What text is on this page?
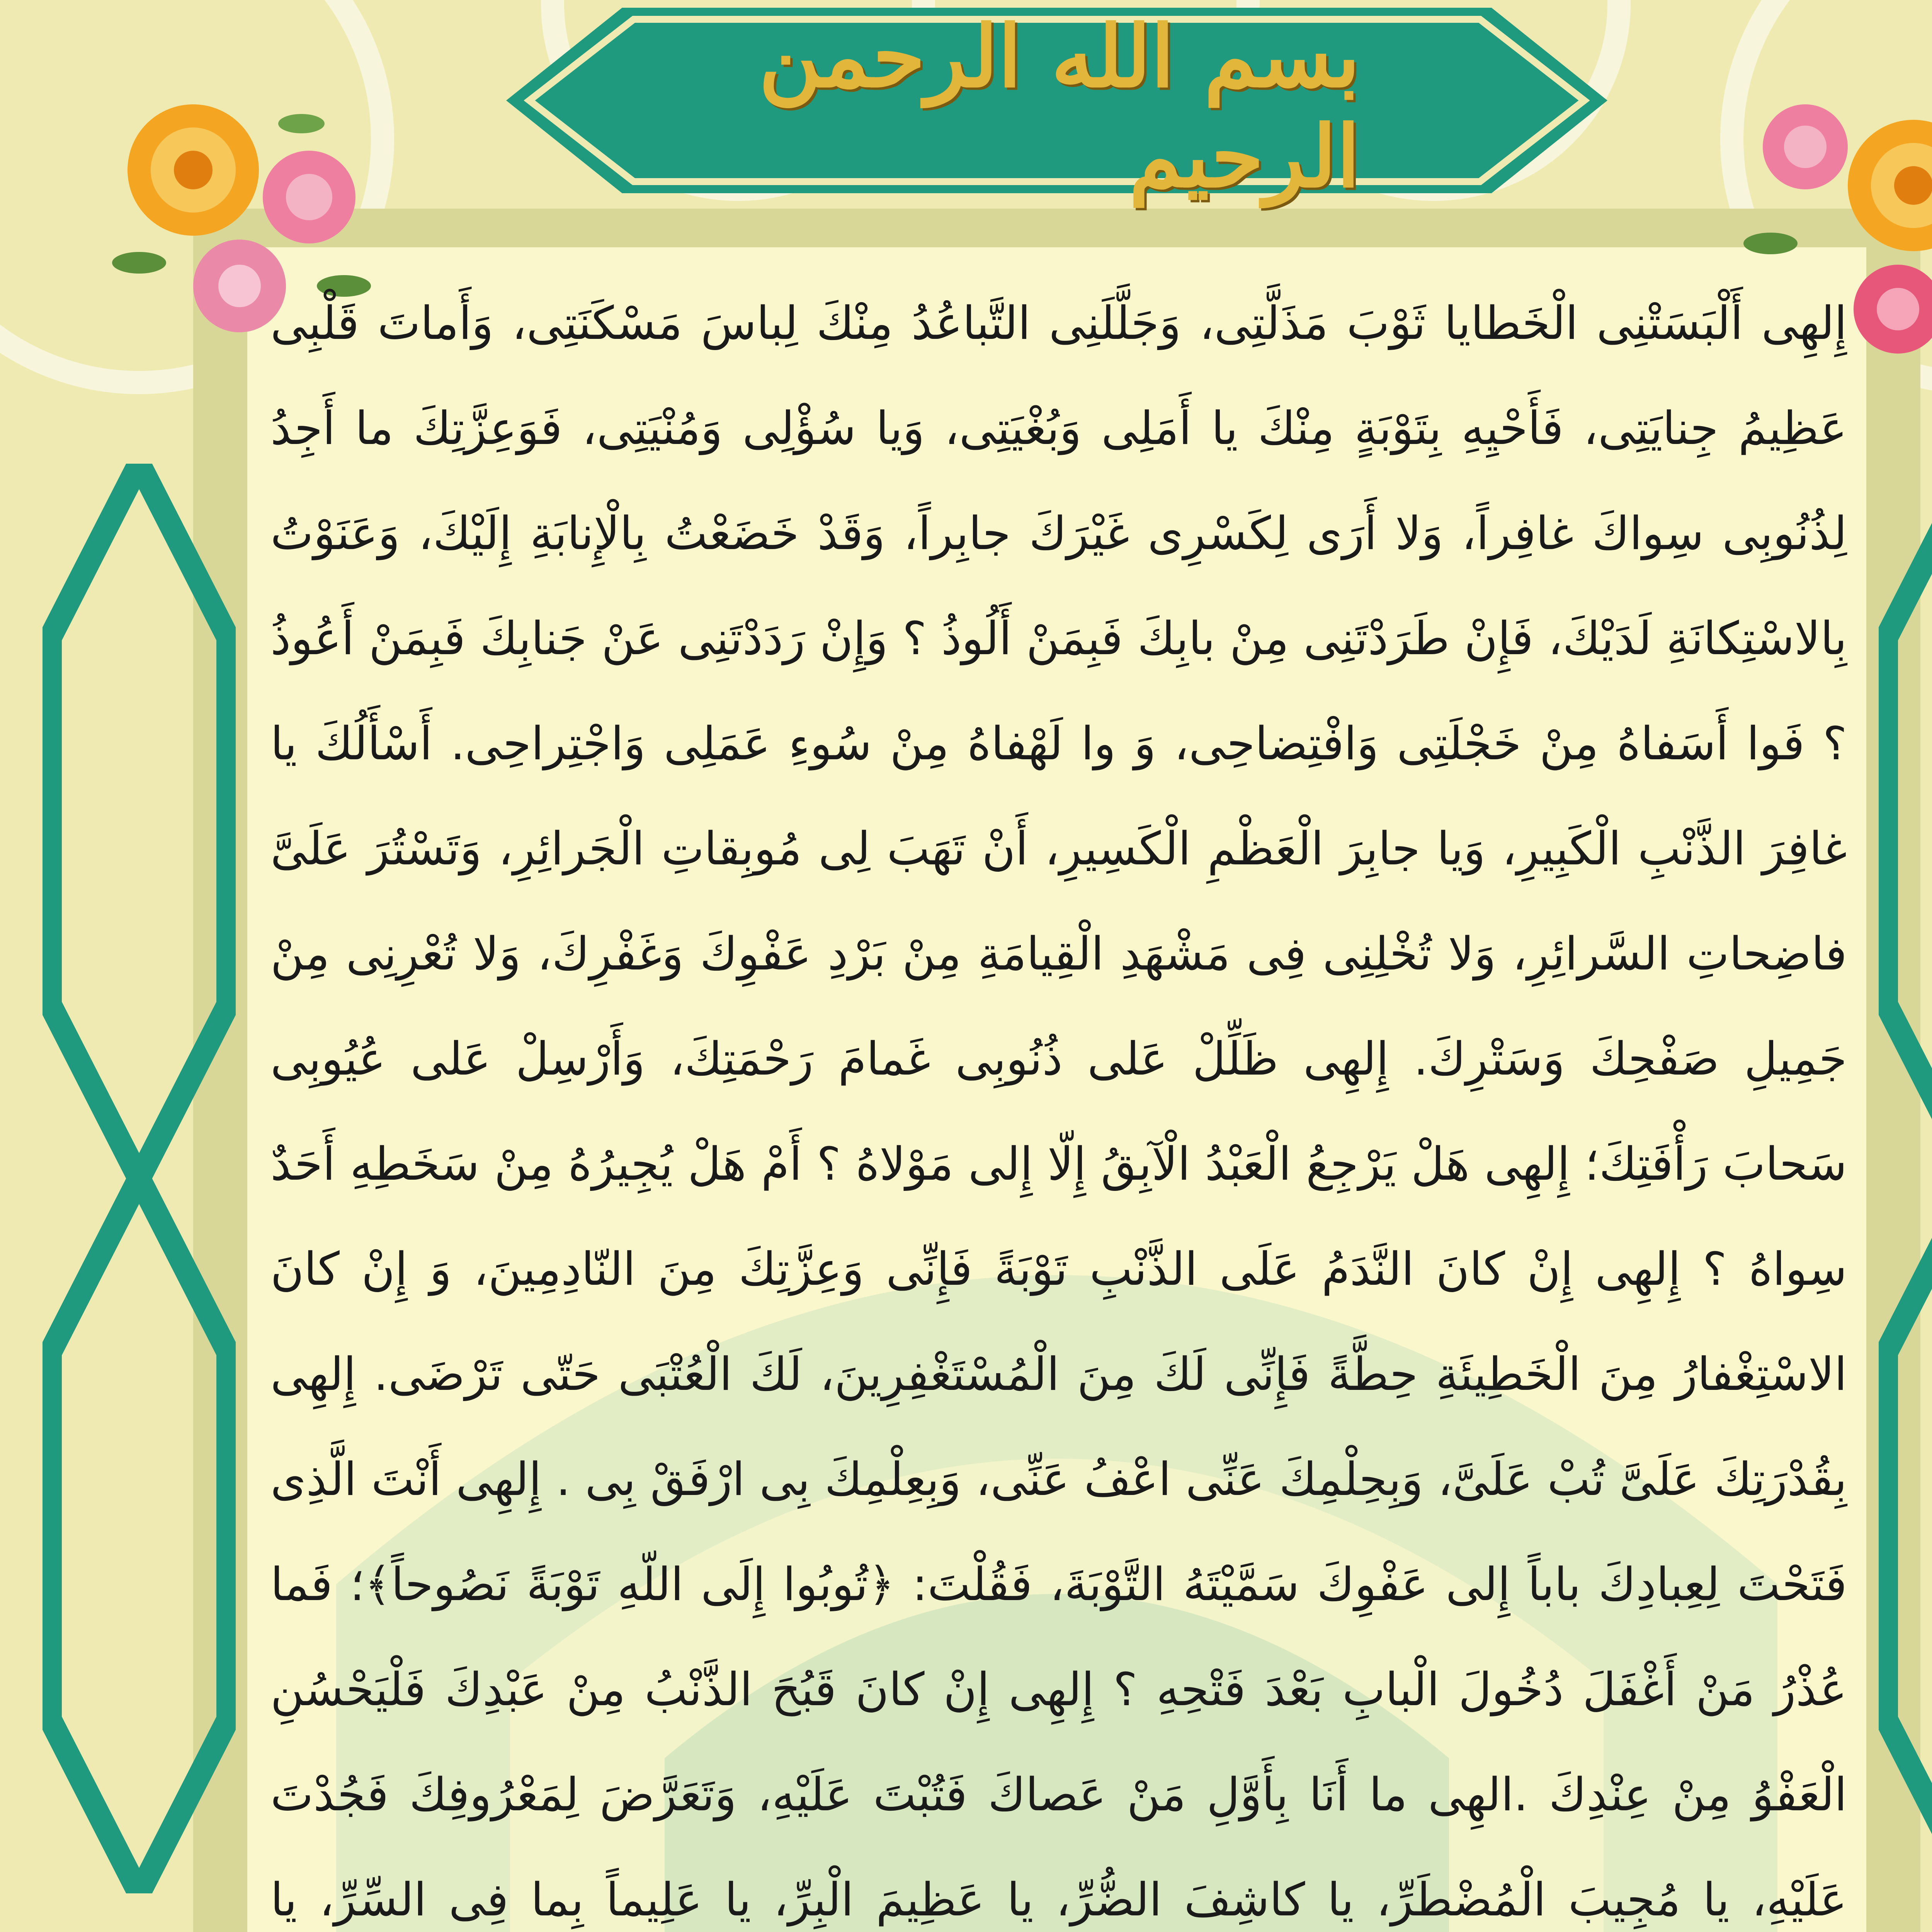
بسم الله الرحمن الرحیم
إِلهِی أَلْبَسَتْنِی الْخَطایا ثَوْبَ مَذَلَّتِی، وَجَلَّلَنِی التَّباعُدُ مِنْكَ لِباسَ مَسْكَنَتِی، وَأَماتَ قَلْبِی عَظِیمُ جِنایَتِی، فَأَحْیِهِ بِتَوْبَةٍ مِنْكَ یا أَمَلِی وَبُغْیَتِی، وَیا سُؤْلِی وَمُنْیَتِی، فَوَعِزَّتِكَ ما أَجِدُ لِذُنُوبِی سِواكَ غافِراً، وَلا أَرَى لِكَسْرِی غَیْرَكَ جابِراً، وَقَدْ خَضَعْتُ بِالْإِنابَةِ إِلَیْكَ، وَعَنَوْتُ بِالاسْتِكانَةِ لَدَیْكَ، فَإِنْ طَرَدْتَنِی مِنْ بابِكَ فَبِمَنْ أَلُوذُ ؟ وَإِنْ رَدَدْتَنِی عَنْ جَنابِكَ فَبِمَنْ أَعُوذُ ؟ فَوا أَسَفاهُ مِنْ خَجْلَتِی وَافْتِضاحِی، وَ وا لَهْفاهُ مِنْ سُوءِ عَمَلِی وَاجْتِراحِی. أَسْأَلُكَ یا غافِرَ الذَّنْبِ الْكَبِیرِ، وَیا جابِرَ الْعَظْمِ الْكَسِیرِ، أَنْ تَهَبَ لِی مُوبِقاتِ الْجَرائِرِ، وَتَسْتُرَ عَلَیَّ فاضِحاتِ السَّرائِرِ، وَلا تُخْلِنِی فِی مَشْهَدِ الْقِیامَةِ مِنْ بَرْدِ عَفْوِكَ وَغَفْرِكَ، وَلا تُعْرِنِی مِنْ جَمِیلِ صَفْحِكَ وَسَتْرِكَ. إِلهِی ظَلِّلْ عَلى ذُنُوبِی غَمامَ رَحْمَتِكَ، وَأَرْسِلْ عَلى عُیُوبِی سَحابَ رَأْفَتِكَ؛ إِلهِی هَلْ یَرْجِعُ الْعَبْدُ الْآبِقُ إِلّا إِلى مَوْلاهُ ؟ أَمْ هَلْ یُجِیرُهُ مِنْ سَخَطِهِ أَحَدٌ سِواهُ ؟ إِلهِی إِنْ كانَ النَّدَمُ عَلَى الذَّنْبِ تَوْبَةً فَإِنِّی وَعِزَّتِكَ مِنَ النّادِمِینَ، وَ إِنْ كانَ الاسْتِغْفارُ مِنَ الْخَطِیئَةِ حِطَّةً فَإِنِّی لَكَ مِنَ الْمُسْتَغْفِرِینَ، لَكَ الْعُتْبَى حَتّى تَرْضَى. إِلهِی بِقُدْرَتِكَ عَلَیَّ تُبْ عَلَیَّ، وَبِحِلْمِكَ عَنِّی اعْفُ عَنِّی، وَبِعِلْمِكَ بِی ارْفَقْ بِی . إِلهِی أَنْتَ الَّذِی فَتَحْتَ لِعِبادِكَ باباً إِلى عَفْوِكَ سَمَّیْتَهُ التَّوْبَةَ، فَقُلْتَ: ﴿تُوبُوا إِلَى اللّهِ تَوْبَةً نَصُوحاً﴾؛ فَما عُذْرُ مَنْ أَغْفَلَ دُخُولَ الْبابِ بَعْدَ فَتْحِهِ ؟ إِلهِی إِنْ كانَ قَبُحَ الذَّنْبُ مِنْ عَبْدِكَ فَلْیَحْسُنِ الْعَفْوُ مِنْ عِنْدِكَ .الهِی ما أَنَا بِأَوَّلِ مَنْ عَصاكَ فَتُبْتَ عَلَیْهِ، وَتَعَرَّضَ لِمَعْرُوفِكَ فَجُدْتَ عَلَیْهِ، یا مُجِیبَ الْمُضْطَرِّ، یا كاشِفَ الضُّرِّ، یا عَظِیمَ الْبِرِّ، یا عَلِیماً بِما فِی السِّرِّ، یا
